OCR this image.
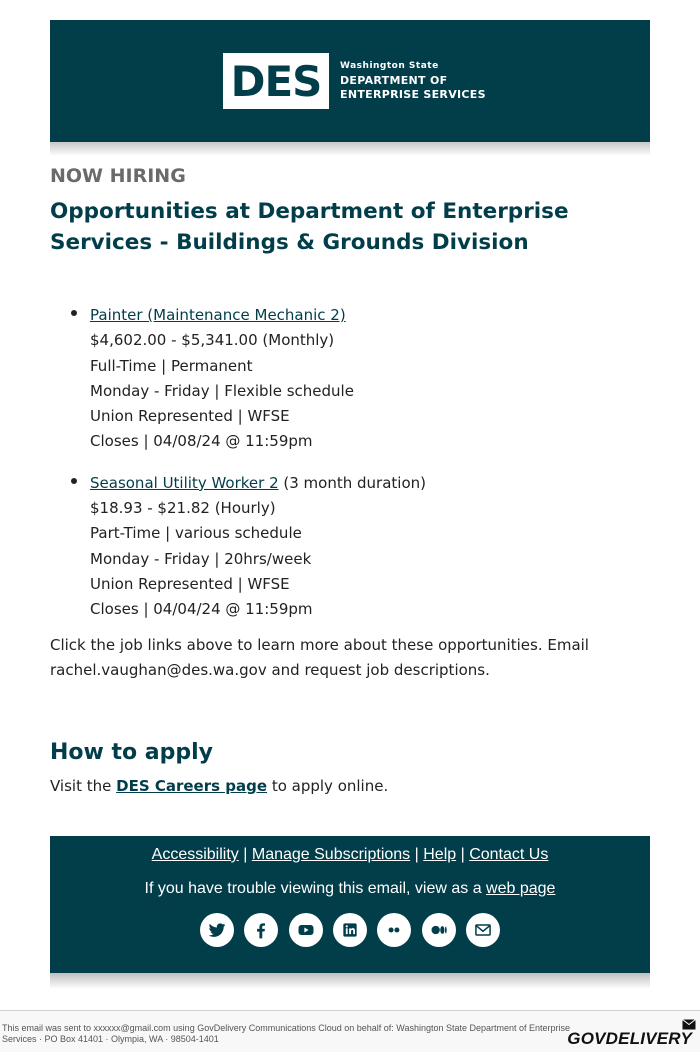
DES	Washington State
DEPARTMENT OF
ENTERPRISE SERVICES
NOW HIRING
Opportunities at Department of Enterprise Services - Buildings & Grounds Division
Painter (Maintenance Mechanic 2)
$4,602.00 - $5,341.00 (Monthly)
Full-Time | Permanent
Monday - Friday | Flexible schedule
Union Represented | WFSE
Closes | 04/08/24 @ 11:59pm
Seasonal Utility Worker 2 (3 month duration)
$18.93 - $21.82 (Hourly)
Part-Time | various schedule
Monday - Friday | 20hrs/week
Union Represented | WFSE
Closes | 04/04/24 @ 11:59pm
Click the job links above to learn more about these opportunities. Email
rachel.vaughan@des.wa.gov and request job descriptions.
How to apply
Visit the DES Careers page to apply online.
Accessibility | Manage Subscriptions | Help | Contact Us
If you have trouble viewing this email, view as a web page
This email was sent to xxxxxx@gmail.com using GovDelivery Communications Cloud on behalf of: Washington State Department of Enterprise Services · PO Box 41401 · Olympia, WA · 98504-1401	GOVDELIVERY
